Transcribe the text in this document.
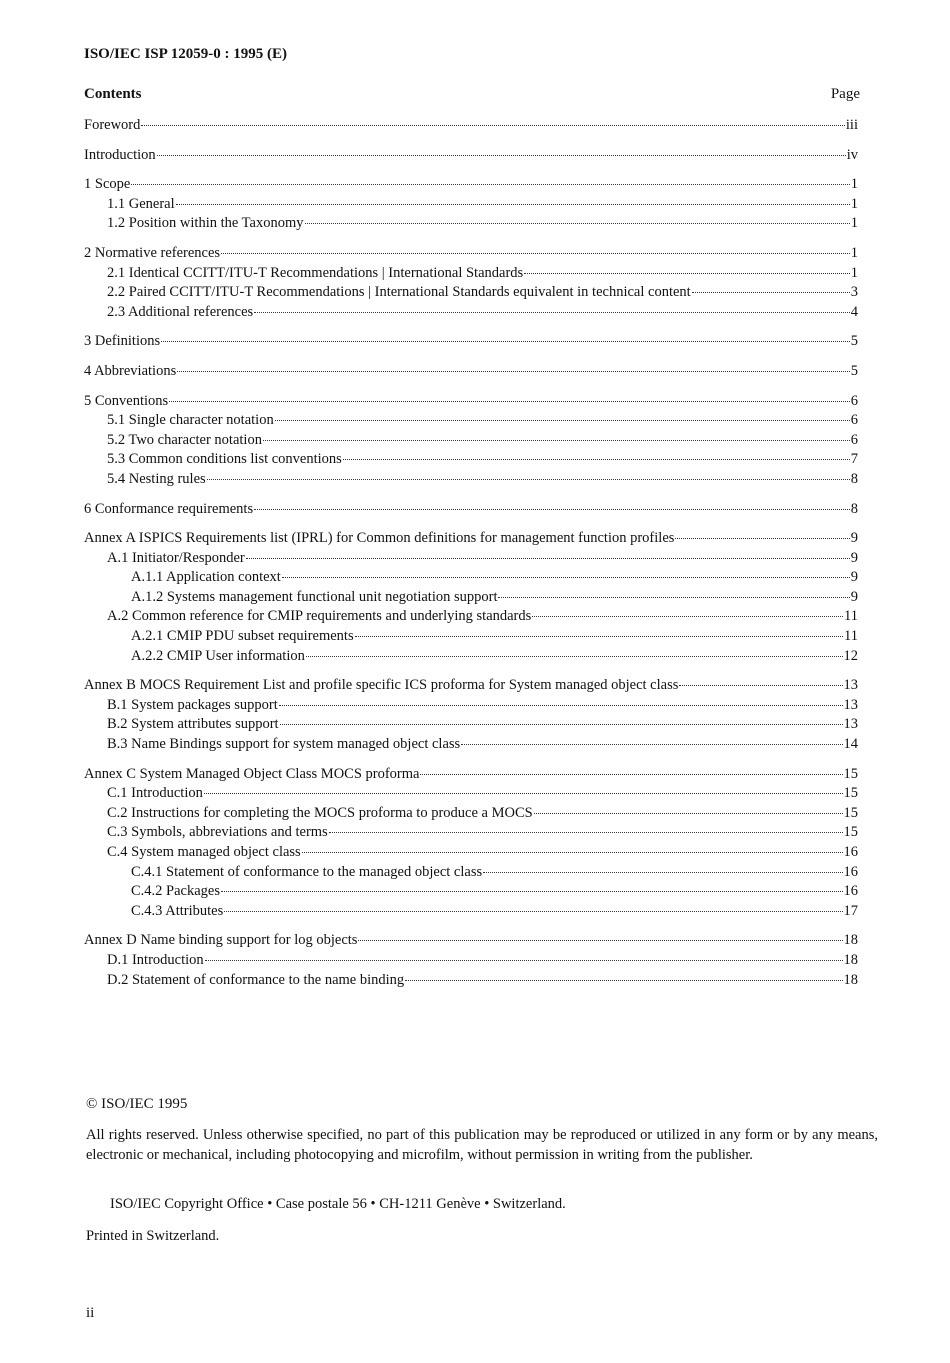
ISO/IEC ISP 12059-0 : 1995 (E)
Contents	Page
Foreword	iii
Introduction	iv
1 Scope	1
1.1 General	1
1.2 Position within the Taxonomy	1
2 Normative references	1
2.1 Identical CCITT/ITU-T Recommendations | International Standards	1
2.2 Paired CCITT/ITU-T Recommendations | International Standards equivalent in technical content	3
2.3 Additional references	4
3 Definitions	5
4 Abbreviations	5
5 Conventions	6
5.1 Single character notation	6
5.2 Two character notation	6
5.3 Common conditions list conventions	7
5.4 Nesting rules	8
6 Conformance requirements	8
Annex A ISPICS Requirements list (IPRL) for Common definitions for management function profiles	9
A.1 Initiator/Responder	9
A.1.1 Application context	9
A.1.2 Systems management functional unit negotiation support	9
A.2 Common reference for CMIP requirements and underlying standards	11
A.2.1 CMIP PDU subset requirements	11
A.2.2 CMIP User information	12
Annex B MOCS Requirement List and profile specific ICS proforma for System managed object class	13
B.1 System packages support	13
B.2 System attributes support	13
B.3 Name Bindings support for system managed object class	14
Annex C System Managed Object Class MOCS proforma	15
C.1 Introduction	15
C.2 Instructions for completing the MOCS proforma to produce a MOCS	15
C.3 Symbols, abbreviations and terms	15
C.4 System managed object class	16
C.4.1 Statement of conformance to the managed object class	16
C.4.2 Packages	16
C.4.3 Attributes	17
Annex D Name binding support for log objects	18
D.1 Introduction	18
D.2 Statement of conformance to the name binding	18
© ISO/IEC 1995

All rights reserved. Unless otherwise specified, no part of this publication may be reproduced or utilized in any form or by any means, electronic or mechanical, including photocopying and microfilm, without permission in writing from the publisher.

ISO/IEC Copyright Office • Case postale 56 • CH-1211 Genève • Switzerland.
Printed in Switzerland.
ii
